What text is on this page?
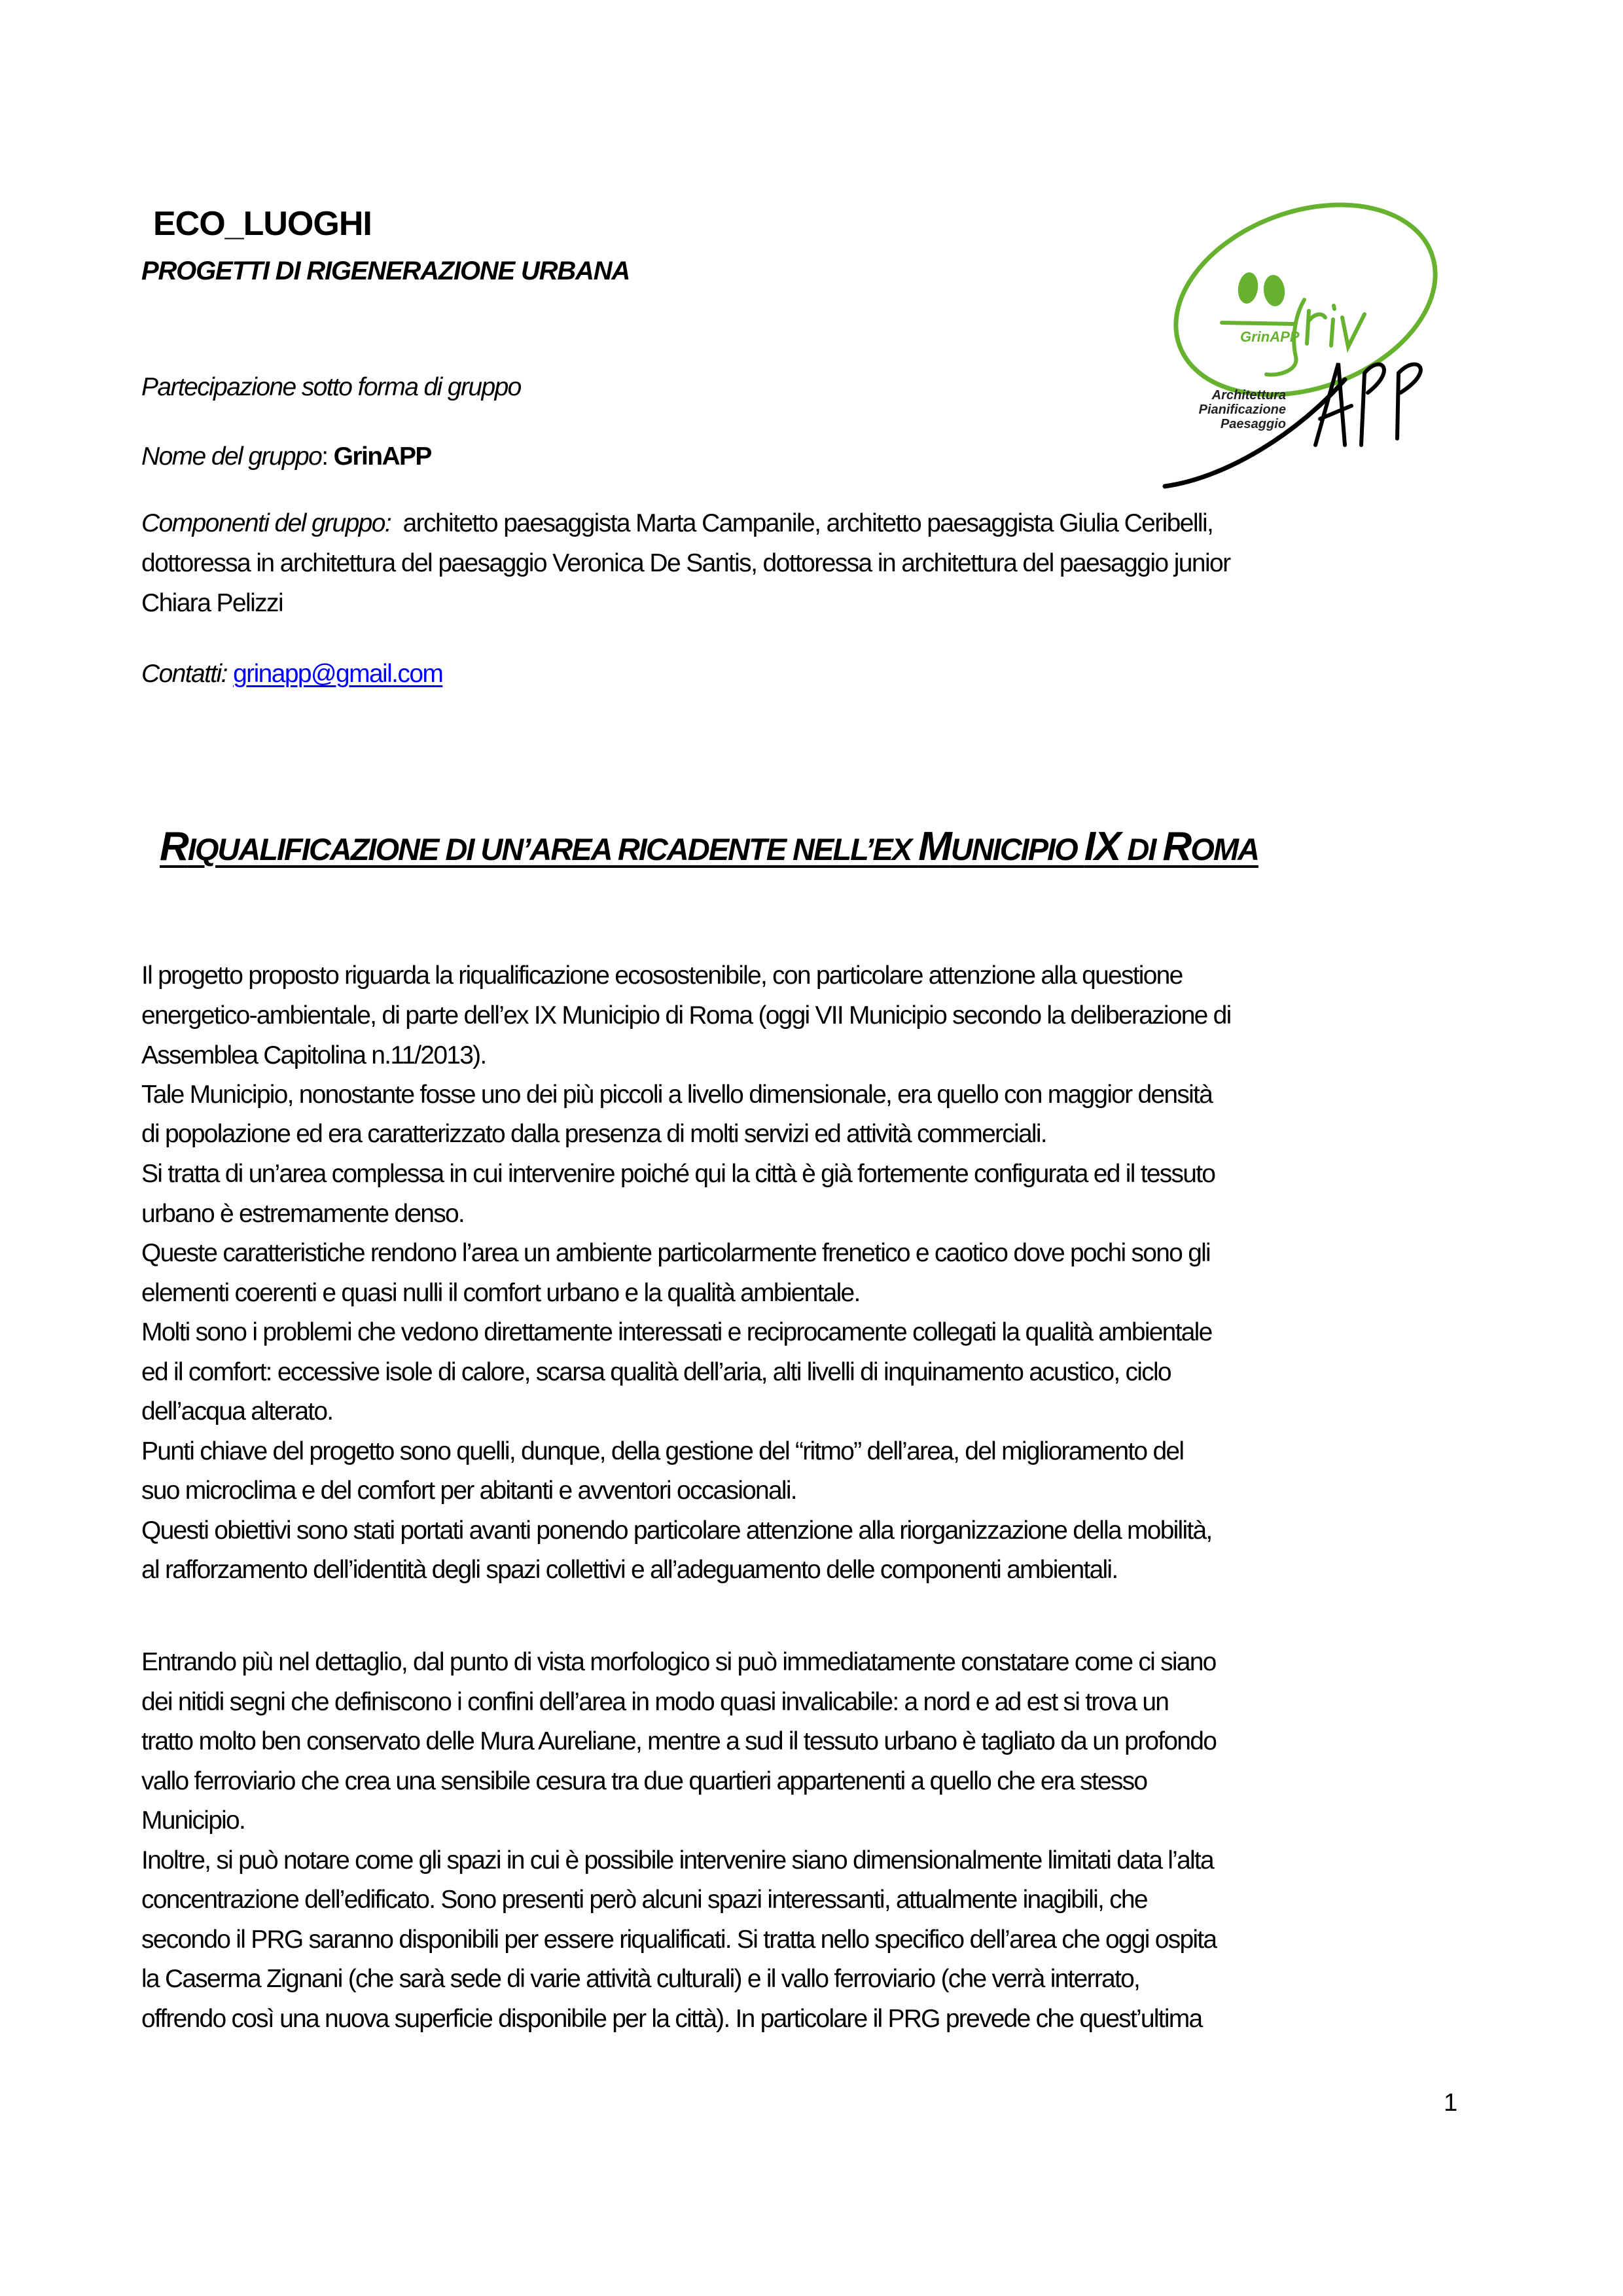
ECO_LUOGHI
PROGETTI DI RIGENERAZIONE URBANA
GrinAPP
Architettura
Pianificazione
Paesaggio
Partecipazione sotto forma di gruppo
Nome del gruppo: GrinAPP
Componenti del gruppo:  architetto paesaggista Marta Campanile, architetto paesaggista Giulia Ceribelli,
dottoressa in architettura del paesaggio Veronica De Santis, dottoressa in architettura del paesaggio junior
Chiara Pelizzi
Contatti: grinapp@gmail.com
RIQUALIFICAZIONE DI UN’AREA RICADENTE NELL’EX MUNICIPIO IX DI ROMA
Il progetto proposto riguarda la riqualificazione ecosostenibile, con particolare attenzione alla questione
energetico-ambientale, di parte dell’ex IX Municipio di Roma (oggi VII Municipio secondo la deliberazione di
Assemblea Capitolina n.11/2013).
Tale Municipio, nonostante fosse uno dei più piccoli a livello dimensionale, era quello con maggior densità
di popolazione ed era caratterizzato dalla presenza di molti servizi ed attività commerciali.
Si tratta di un’area complessa in cui intervenire poiché qui la città è già fortemente configurata ed il tessuto
urbano è estremamente denso.
Queste caratteristiche rendono l’area un ambiente particolarmente frenetico e caotico dove pochi sono gli
elementi coerenti e quasi nulli il comfort urbano e la qualità ambientale.
Molti sono i problemi che vedono direttamente interessati e reciprocamente collegati la qualità ambientale
ed il comfort: eccessive isole di calore, scarsa qualità dell’aria, alti livelli di inquinamento acustico, ciclo
dell’acqua alterato.
Punti chiave del progetto sono quelli, dunque, della gestione del “ritmo” dell’area, del miglioramento del
suo microclima e del comfort per abitanti e avventori occasionali.
Questi obiettivi sono stati portati avanti ponendo particolare attenzione alla riorganizzazione della mobilità,
al rafforzamento dell’identità degli spazi collettivi e all’adeguamento delle componenti ambientali.
Entrando più nel dettaglio, dal punto di vista morfologico si può immediatamente constatare come ci siano
dei nitidi segni che definiscono i confini dell’area in modo quasi invalicabile: a nord e ad est si trova un
tratto molto ben conservato delle Mura Aureliane, mentre a sud il tessuto urbano è tagliato da un profondo
vallo ferroviario che crea una sensibile cesura tra due quartieri appartenenti a quello che era stesso
Municipio.
Inoltre, si può notare come gli spazi in cui è possibile intervenire siano dimensionalmente limitati data l’alta
concentrazione dell’edificato. Sono presenti però alcuni spazi interessanti, attualmente inagibili, che
secondo il PRG saranno disponibili per essere riqualificati. Si tratta nello specifico dell’area che oggi ospita
la Caserma Zignani (che sarà sede di varie attività culturali) e il vallo ferroviario (che verrà interrato,
offrendo così una nuova superficie disponibile per la città). In particolare il PRG prevede che quest’ultima
1
